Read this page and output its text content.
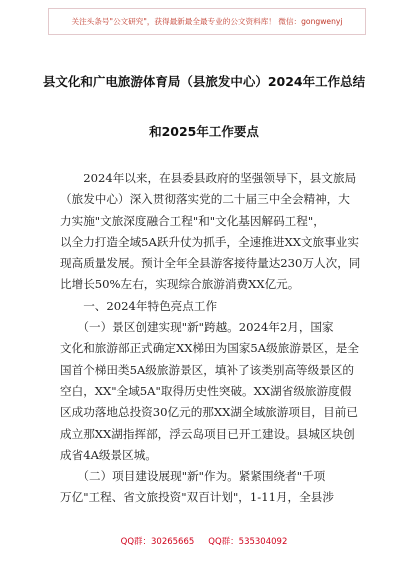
关注头条号"公文研究"，获得最新最全最专业的公文资料库！ 微信：gongwenyj
县文化和广电旅游体育局（县旅发中心）2024年工作总结
和2025年工作要点
　　2024年以来，在县委县政府的坚强领导下，县文旅局
（旅发中心）深入贯彻落实党的二十届三中全会精神，大
力实施"文旅深度融合工程"和"文化基因解码工程"，
以全力打造全域5A跃升仗为抓手，全速推进XX文旅事业实
现高质量发展。预计全年全县游客接待量达230万人次，同
比增长50%左右，实现综合旅游消费XX亿元。
　　一、2024年特色亮点工作
　　（一）景区创建实现"新"跨越。2024年2月，国家
文化和旅游部正式确定XX梯田为国家5A级旅游景区，是全
国首个梯田类5A级旅游景区，填补了该类别高等级景区的
空白，XX"全域5A"取得历史性突破。XX湖省级旅游度假
区成功落地总投资30亿元的那XX湖全域旅游项目，目前已
成立那XX湖指挥部，浮云岛项目已开工建设。县城区块创
成省4A级景区城。
　　（二）项目建设展现"新"作为。紧紧围绕者"千项
万亿"工程、省文旅投资"双百计划"，1-11月，全县涉
QQ群：30265665 QQ群：535304092
